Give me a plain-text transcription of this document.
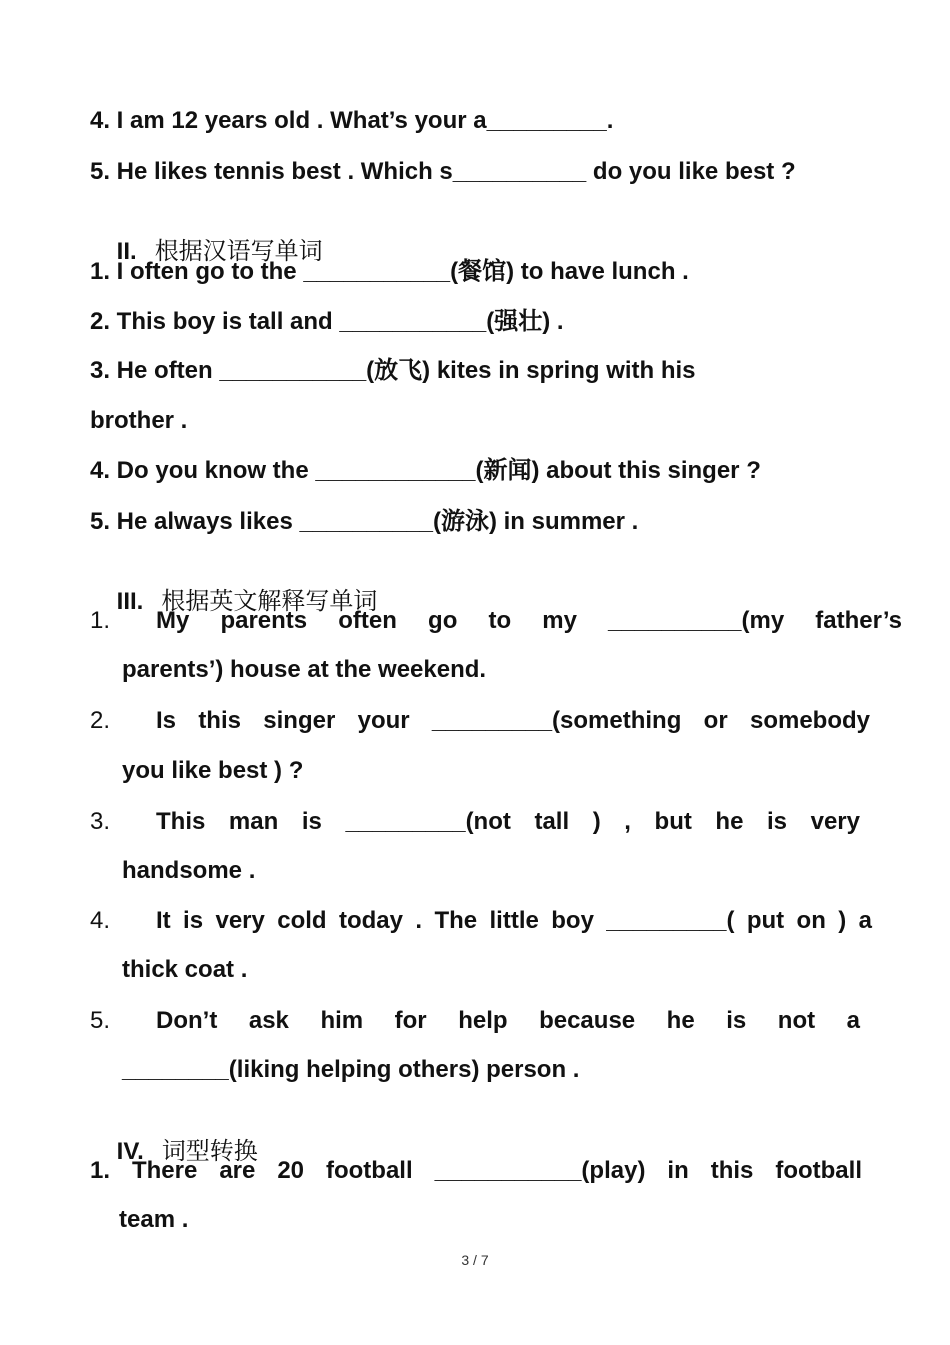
4. I am 12 years old . What’s your a_________.
5. He likes tennis best . Which s__________ do you like best ?

II. 根据汉语写单词

1. I often go to the ___________(餐馆) to have lunch .
2. This boy is tall and ___________(强壮) .
3. He often ___________(放飞) kites in spring with his
brother .
4. Do you know the ____________(新闻) about this singer ?
5. He always likes __________(游泳) in summer .

III. 根据英文解释写单词

1. My parents often go to my __________(my father’s
parents’) house at the weekend.
2. Is this singer your _________(something or somebody
you like best ) ?
3. This man is _________(not tall ) , but he is very
handsome .
4. It is very cold today . The little boy _________( put on ) a
thick coat .
5. Don’t ask him for help because he is not a
________(liking helping others) person .

IV. 词型转换

1. There are 20 football ___________(play) in this football
team .
3 / 7
